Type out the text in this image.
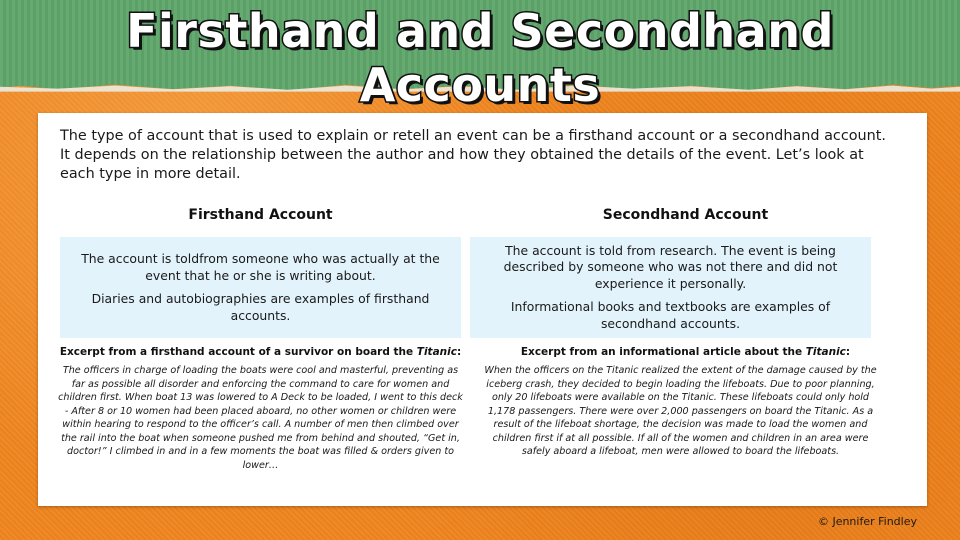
Firsthand and Secondhand Accounts

The type of account that is used to explain or retell an event can be a firsthand account or a secondhand account. It depends on the relationship between the author and how they obtained the details of the event. Let’s look at each type in more detail.

Firsthand Account	Secondhand Account

The account is toldfrom someone who was actually at the event that he or she is writing about.

Diaries and autobiographies are examples of firsthand accounts.

The account is told from research. The event is being described by someone who was not there and did not experience it personally.

Informational books and textbooks are examples of secondhand accounts.

Excerpt from a firsthand account of a survivor on board the Titanic:	Excerpt from an informational article about the Titanic:

The officers in charge of loading the boats were cool and masterful, preventing as far as possible all disorder and enforcing the command to care for women and children first. When boat 13 was lowered to A Deck to be loaded, I went to this deck - After 8 or 10 women had been placed aboard, no other women or children were within hearing to respond to the officer’s call. A number of men then climbed over the rail into the boat when someone pushed me from behind and shouted, “Get in, doctor!” I climbed in and in a few moments the boat was filled & orders given to lower…

When the officers on the Titanic realized the extent of the damage caused by the iceberg crash, they decided to begin loading the lifeboats. Due to poor planning, only 20 lifeboats were available on the Titanic. These lifeboats could only hold 1,178 passengers. There were over 2,000 passengers on board the Titanic. As a result of the lifeboat shortage, the decision was made to load the women and children first if at all possible. If all of the women and children in an area were safely aboard a lifeboat, men were allowed to board the lifeboats.

© Jennifer Findley
